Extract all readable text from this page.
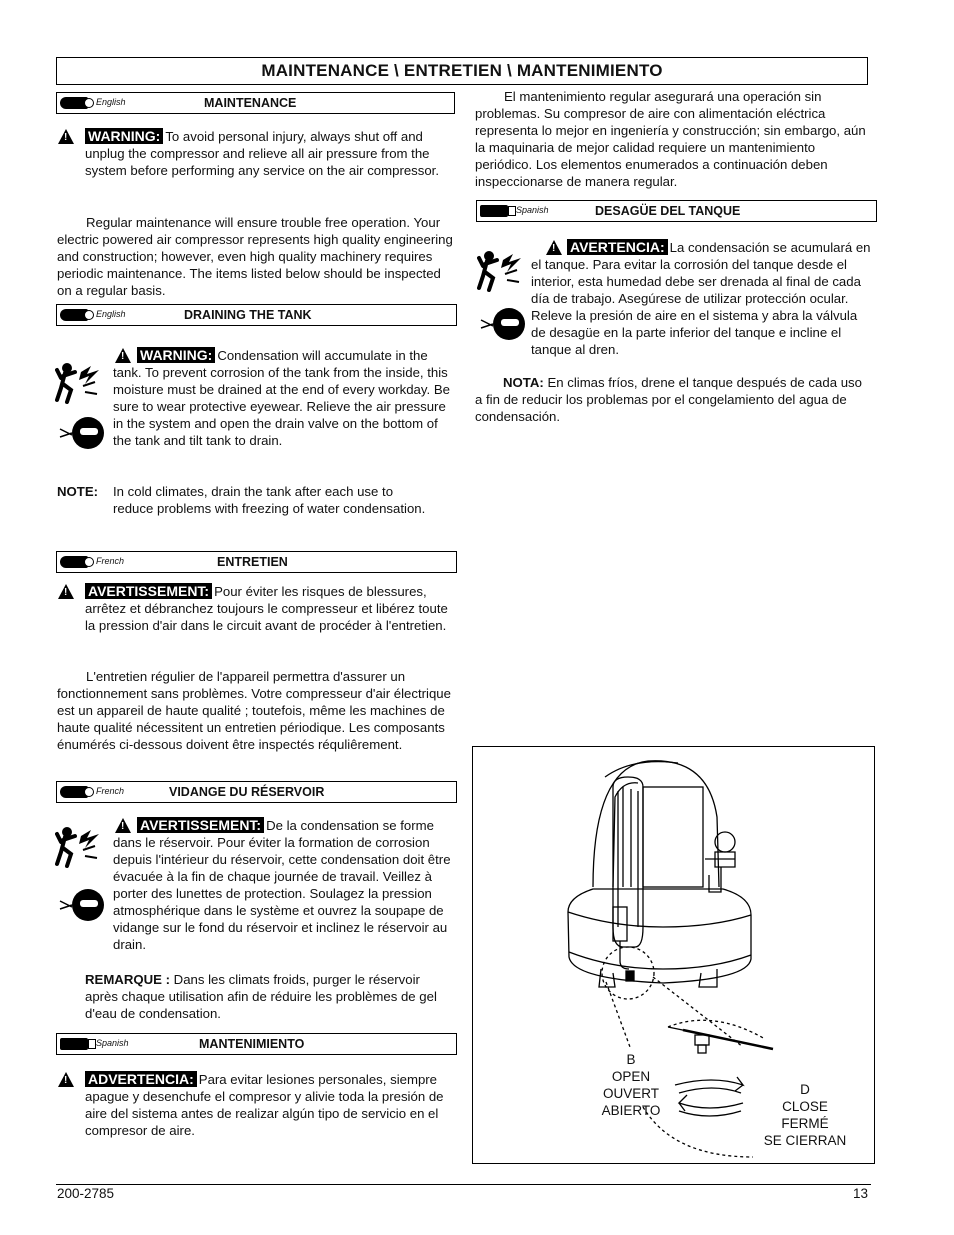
MAINTENANCE \ ENTRETIEN \ MANTENIMIENTO
English	MAINTENANCE
!
WARNING: To avoid personal injury, always shut off and unplug the compressor and relieve all air pressure from the system before performing any service on the air compressor.
Regular maintenance will ensure trouble free operation. Your electric powered air compressor represents high quality engineering and construction; however, even high quality machinery requires periodic maintenance. The items listed below should be inspected on a regular basis.
English	DRAINING THE TANK
!
WARNING: Condensation will accumulate in the tank. To prevent corrosion of the tank from the inside, this moisture must be drained at the end of every workday. Be sure to wear protective eyewear. Relieve the air pressure in the system and open the drain valve on the bottom of the tank and tilt tank to drain.
NOTE: In cold climates, drain the tank after each use to reduce problems with freezing of water condensation.
French	ENTRETIEN
!
AVERTISSEMENT: Pour éviter les risques de blessures, arrêtez et débranchez toujours le compresseur et libérez toute la pression d'air dans le circuit avant de procéder à l'entretien.
L'entretien régulier de l'appareil permettra d'assurer un fonctionnement sans problèmes. Votre compresseur d'air électrique est un appareil de haute qualité ; toutefois, même les machines de haute qualité nécessitent un entretien périodique. Les composants énumérés ci-dessous doivent être inspectés réquliêrement.
French	VIDANGE DU RÉSERVOIR
!
AVERTISSEMENT: De la condensation se forme dans le réservoir. Pour éviter la formation de corrosion depuis l'intérieur du réservoir, cette condensation doit être évacuée à la fin de chaque journée de travail. Veillez à porter des lunettes de protection. Soulagez la pression atmosphérique dans le système et ouvrez la soupape de vidange sur le fond du réservoir et inclinez le réservoir au drain.
REMARQUE : Dans les climats froids, purger le réservoir après chaque utilisation afin de réduire les problèmes de gel d'eau de condensation.
Spanish	MANTENIMIENTO
!
ADVERTENCIA: Para evitar lesiones personales, siempre apague y desenchufe el compresor y alivie toda la presión de aire del sistema antes de realizar algún tipo de servicio en el compresor de aire.
El mantenimiento regular asegurará una operación sin problemas. Su compresor de aire con alimentación eléctrica representa lo mejor en ingeniería y construcción; sin embargo, aún la maquinaria de mejor calidad requiere un mantenimiento periódico. Los elementos enumerados a continuación deben inspeccionarse de manera regular.
Spanish	DESAGÜE DEL TANQUE
!
AVERTENCIA: La condensación se acumulará en el tanque. Para evitar la corrosión del tanque desde el interior, esta humedad debe ser drenada al final de cada día de trabajo. Asegúrese de utilizar protección ocular. Releve la presión de aire en el sistema y abra la válvula de desagüe en la parte inferior del tanque e incline el tanque al dren.
NOTA: En climas fríos, drene el tanque después de cada uso a fin de reducir los problemas por el congelamiento del agua de condensación.
B
OPEN
OUVERT
ABIERTO
D
CLOSE
FERMÉ
SE CIERRAN
200-2785	13
